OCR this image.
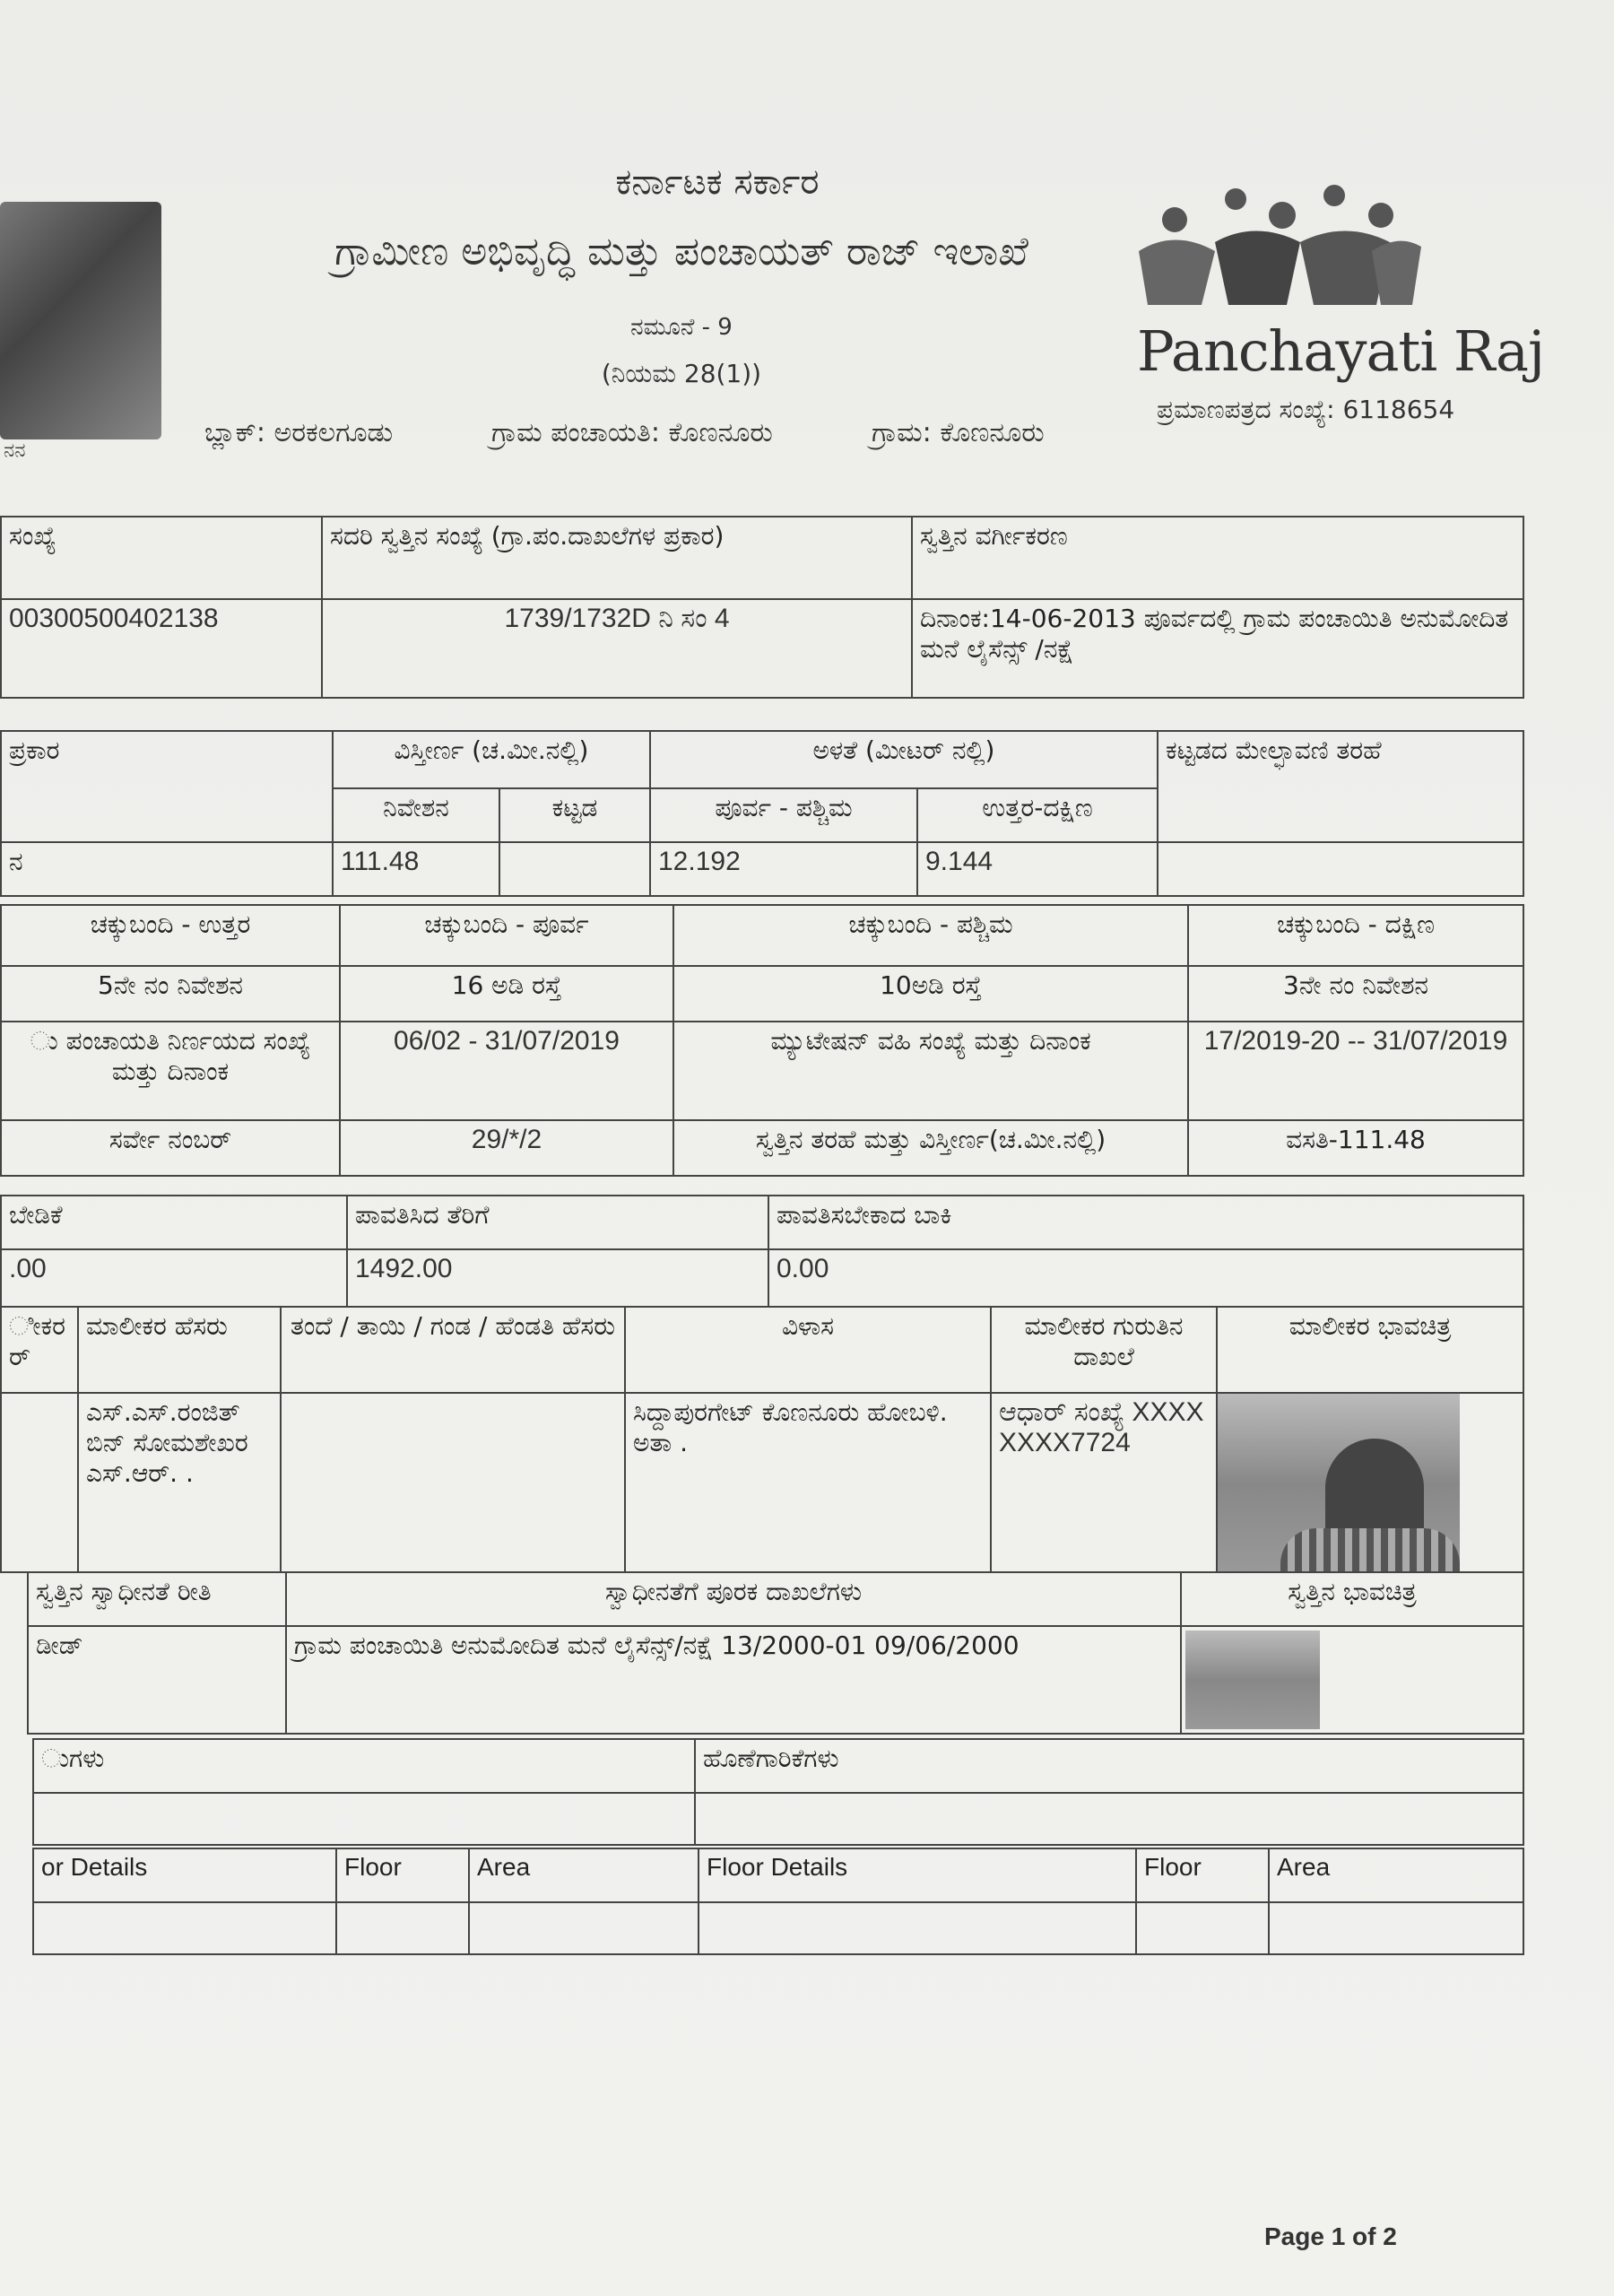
ನನ
ಕರ್ನಾಟಕ ಸರ್ಕಾರ
ಗ್ರಾಮೀಣ ಅಭಿವೃದ್ಧಿ ಮತ್ತು ಪಂಚಾಯತ್ ರಾಜ್ ಇಲಾಖೆ
ನಮೂನೆ - 9
(ನಿಯಮ 28(1))
ಬ್ಲಾಕ್: ಅರಕಲಗೂಡು	ಗ್ರಾಮ ಪಂಚಾಯತಿ: ಕೊಣನೂರು	ಗ್ರಾಮ: ಕೊಣನೂರು
Panchayati Raj
ಪ್ರಮಾಣಪತ್ರದ ಸಂಖ್ಯೆ: 6118654
ಸಂಖ್ಯೆ	ಸದರಿ ಸ್ವತ್ತಿನ ಸಂಖ್ಯೆ (ಗ್ರಾ.ಪಂ.ದಾಖಲೆಗಳ ಪ್ರಕಾರ)	ಸ್ವತ್ತಿನ ವರ್ಗೀಕರಣ
00300500402138	1739/1732D ನಿ ಸಂ 4	ದಿನಾಂಕ:14-06-2013 ಪೂರ್ವದಲ್ಲಿ ಗ್ರಾಮ ಪಂಚಾಯಿತಿ ಅನುಮೋದಿತ ಮನೆ ಲೈಸೆನ್ಸ್ /ನಕ್ಷೆ
ಪ್ರಕಾರ	ವಿಸ್ತೀರ್ಣ (ಚ.ಮೀ.ನಲ್ಲಿ)		ಅಳತೆ (ಮೀಟರ್ ನಲ್ಲಿ)		ಕಟ್ಟಡದ ಮೇಲ್ಛಾವಣಿ ತರಹೆ
	ನಿವೇಶನ	ಕಟ್ಟಡ	ಪೂರ್ವ - ಪಶ್ಚಿಮ	ಉತ್ತರ-ದಕ್ಷಿಣ	
ನ	111.48		12.192	9.144	
ಚಕ್ಕುಬಂದಿ - ಉತ್ತರ	ಚಕ್ಕುಬಂದಿ - ಪೂರ್ವ	ಚಕ್ಕುಬಂದಿ - ಪಶ್ಚಿಮ	ಚಕ್ಕುಬಂದಿ - ದಕ್ಷಿಣ
5ನೇ ನಂ ನಿವೇಶನ	16 ಅಡಿ ರಸ್ತೆ	10ಅಡಿ ರಸ್ತೆ	3ನೇ ನಂ ನಿವೇಶನ
ು ಪಂಚಾಯತಿ ನಿರ್ಣಯದ ಸಂಖ್ಯೆ ಮತ್ತು ದಿನಾಂಕ	06/02 - 31/07/2019	ಮ್ಯುಟೇಷನ್ ವಹಿ ಸಂಖ್ಯೆ ಮತ್ತು ದಿನಾಂಕ	17/2019-20 -- 31/07/2019
ಸರ್ವೇ ನಂಬರ್	29/*/2	ಸ್ವತ್ತಿನ ತರಹೆ ಮತ್ತು ವಿಸ್ತೀರ್ಣ(ಚ.ಮೀ.ನಲ್ಲಿ)	ವಸತಿ-111.48
ಬೇಡಿಕೆ	ಪಾವತಿಸಿದ ತೆರಿಗೆ	ಪಾವತಿಸಬೇಕಾದ ಬಾಕಿ
.00	1492.00	0.00
ೀಕರ ರ್	ಮಾಲೀಕರ ಹೆಸರು	ತಂದೆ / ತಾಯಿ / ಗಂಡ / ಹೆಂಡತಿ ಹೆಸರು	ವಿಳಾಸ	ಮಾಲೀಕರ ಗುರುತಿನ ದಾಖಲೆ	ಮಾಲೀಕರ ಭಾವಚಿತ್ರ
	ಎಸ್.ಎಸ್.ರಂಜಿತ್ ಬಿನ್ ಸೋಮಶೇಖರ ಎಸ್.ಆರ್. .		ಸಿದ್ದಾಪುರಗೇಟ್ ಕೊಣನೂರು ಹೋಬಳಿ. ಅತಾ .	ಆಧಾರ್ ಸಂಖ್ಯೆ XXXXXXXX7724	
ಸ್ವತ್ತಿನ ಸ್ವಾಧೀನತೆ ರೀತಿ	ಸ್ವಾಧೀನತೆಗೆ ಪೂರಕ ದಾಖಲೆಗಳು	ಸ್ವತ್ತಿನ ಭಾವಚಿತ್ರ
ಡೀಡ್	ಗ್ರಾಮ ಪಂಚಾಯಿತಿ ಅನುಮೋದಿತ ಮನೆ ಲೈಸೆನ್ಸ್/ನಕ್ಷೆ 13/2000-01 09/06/2000	
ುಗಳು	ಹೊಣೆಗಾರಿಕೆಗಳು

or Details	Floor	Area	Floor Details	Floor	Area

Page 1 of 2
